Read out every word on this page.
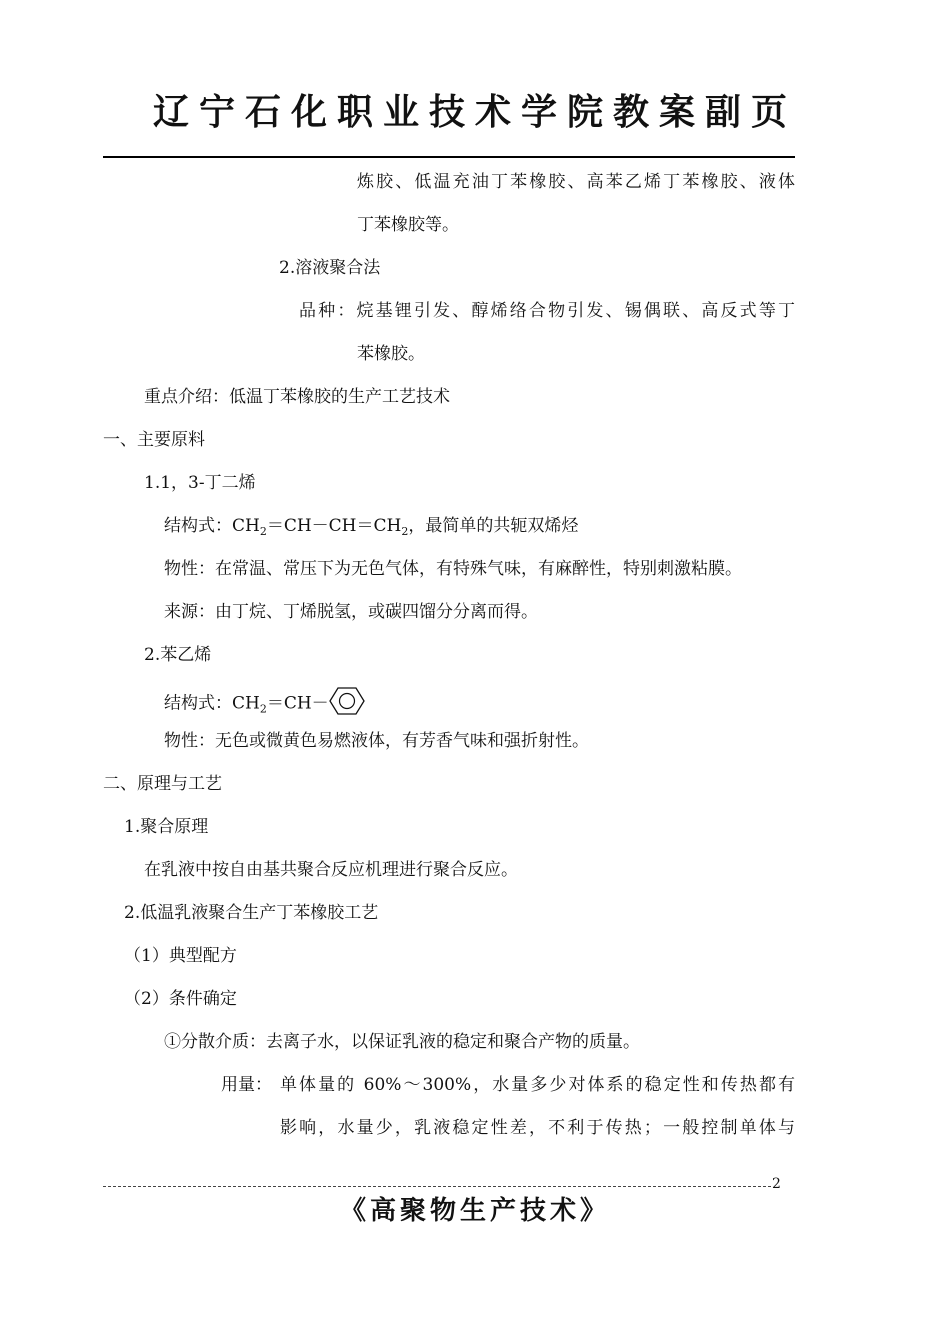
辽宁石化职业技术学院教案副页
炼胶、低温充油丁苯橡胶、高苯乙烯丁苯橡胶、液体
丁苯橡胶等。
2.溶液聚合法
品种：烷基锂引发、醇烯络合物引发、锡偶联、高反式等丁
苯橡胶。
重点介绍：低温丁苯橡胶的生产工艺技术
一、主要原料
1.1，3-丁二烯
结构式：$CH_2=CH-CH=CH_2$，最简单的共轭双烯烃
物性：在常温、常压下为无色气体，有特殊气味，有麻醉性，特别刺激粘膜。
来源：由丁烷、丁烯脱氢，或碳四馏分分离而得。
2.苯乙烯
结构式：$CH_2=CH-$
物性：无色或微黄色易燃液体，有芳香气味和强折射性。
二、原理与工艺
1.聚合原理
在乳液中按自由基共聚合反应机理进行聚合反应。
2.低温乳液聚合生产丁苯橡胶工艺
（1）典型配方
（2）条件确定
①分散介质：去离子水，以保证乳液的稳定和聚合产物的质量。
用量： 单体量的 60%～300%，水量多少对体系的稳定性和传热都有
影响，水量少，乳液稳定性差，不利于传热；一般控制单体与
2
《高聚物生产技术》
